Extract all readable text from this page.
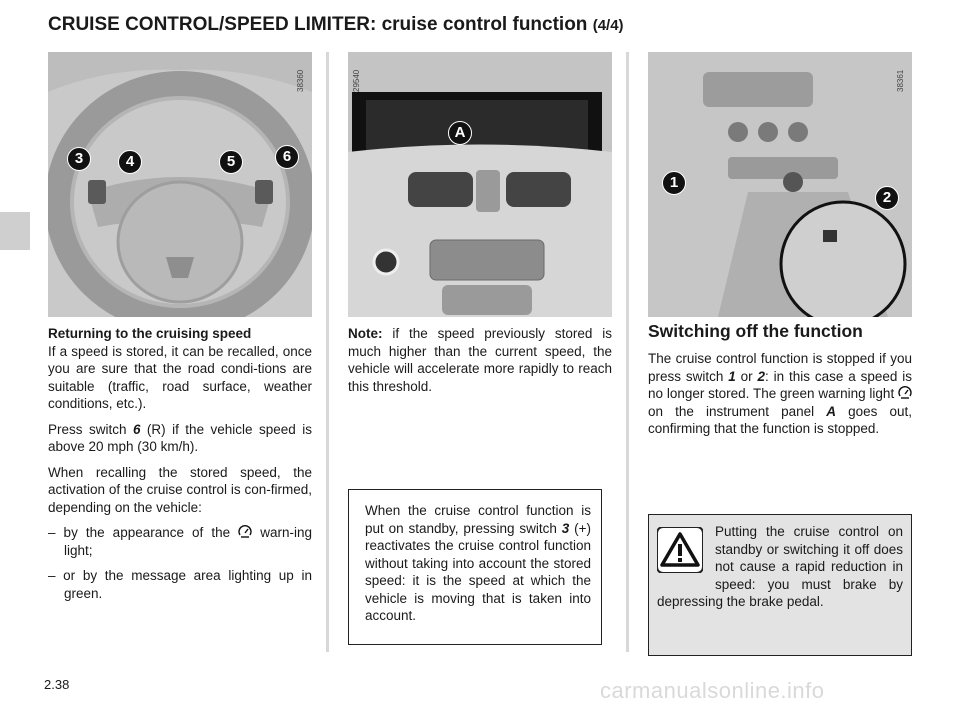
CRUISE CONTROL/SPEED LIMITER: cruise control function (4/4)
38360
3	4	5	6
29540
A
38361
1
2
Returning to the cruising speed

If a speed is stored, it can be recalled, once you are sure that the road condi-tions are suitable (traffic, road surface, weather conditions, etc.).

Press switch 6 (R) if the vehicle speed is above 20 mph (30 km/h).

When recalling the stored speed, the activation of the cruise control is con-firmed, depending on the vehicle:

– by the appearance of the  warn-ing light;

– or by the message area lighting up in green.

Note: if the speed previously stored is much higher than the current speed, the vehicle will accelerate more rapidly to reach this threshold.

When the cruise control function is put on standby, pressing switch 3 (+) reactivates the cruise control function without taking into account the stored speed: it is the speed at which the vehicle is moving that is taken into account.
Switching off the function
The cruise control function is stopped if you press switch 1 or 2: in this case a speed is no longer stored. The green warning light  on the instrument panel A goes out, confirming that the function is stopped.
Putting the cruise control on standby or switching it off does not cause a rapid reduction in speed: you must brake by depressing the brake pedal.
2.38	carmanualsonline.info
